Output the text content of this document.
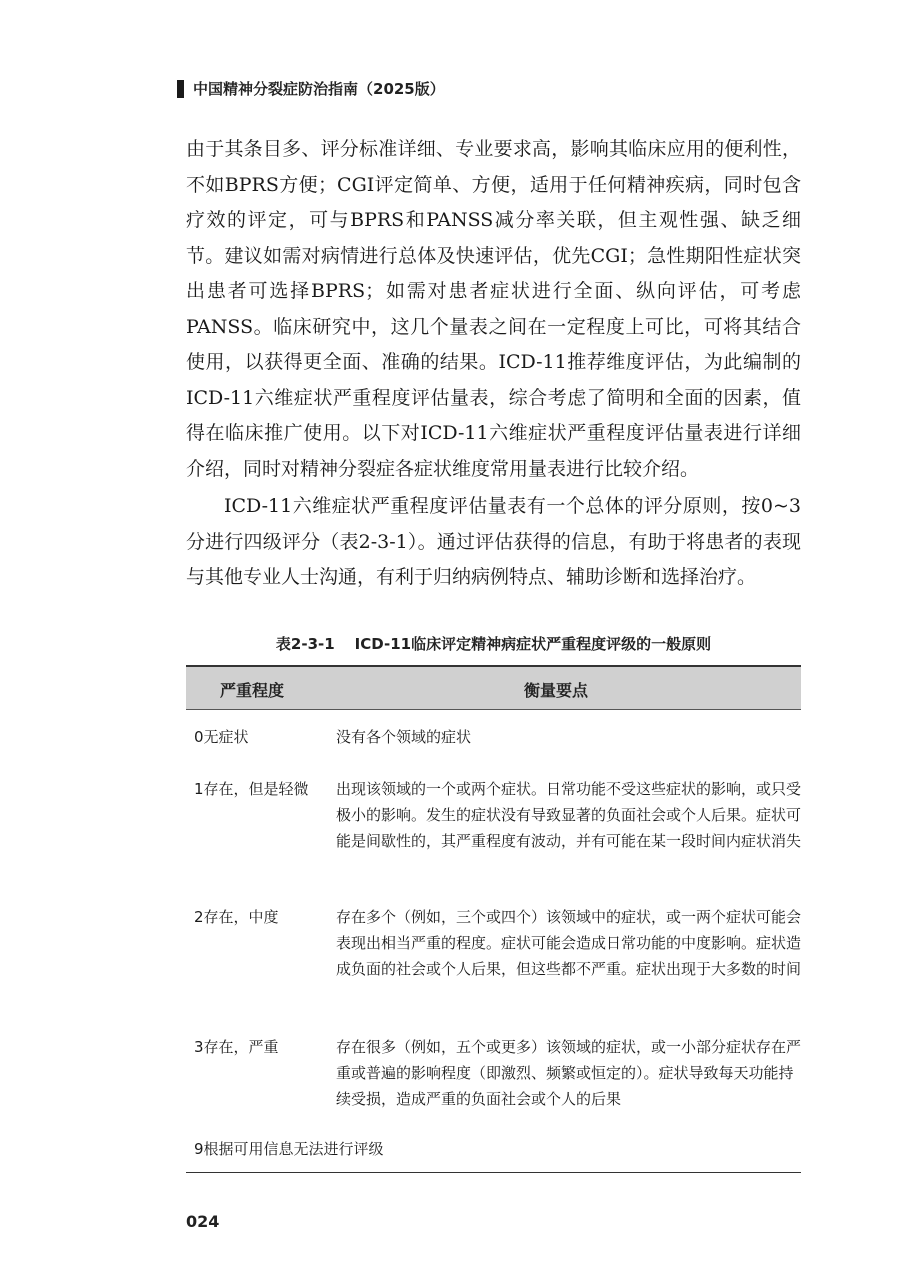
中国精神分裂症防治指南（2025版）

由于其条目多、评分标准详细、专业要求高，影响其临床应用的便利性，不如BPRS方便；CGI评定简单、方便，适用于任何精神疾病，同时包含疗效的评定，可与BPRS和PANSS减分率关联，但主观性强、缺乏细节。建议如需对病情进行总体及快速评估，优先CGI；急性期阳性症状突出患者可选择BPRS；如需对患者症状进行全面、纵向评估，可考虑PANSS。临床研究中，这几个量表之间在一定程度上可比，可将其结合使用，以获得更全面、准确的结果。ICD-11推荐维度评估，为此编制的ICD-11六维症状严重程度评估量表，综合考虑了简明和全面的因素，值得在临床推广使用。以下对ICD-11六维症状严重程度评估量表进行详细介绍，同时对精神分裂症各症状维度常用量表进行比较介绍。

ICD-11六维症状严重程度评估量表有一个总体的评分原则，按0~3分进行四级评分（表2-3-1）。通过评估获得的信息，有助于将患者的表现与其他专业人士沟通，有利于归纳病例特点、辅助诊断和选择治疗。

表2-3-1 ICD-11临床评定精神病症状严重程度评级的一般原则
严重程度	衡量要点
0无症状	没有各个领域的症状
1存在，但是轻微	出现该领域的一个或两个症状。日常功能不受这些症状的影响，或只受极小的影响。发生的症状没有导致显著的负面社会或个人后果。症状可能是间歇性的，其严重程度有波动，并有可能在某一段时间内症状消失
2存在，中度	存在多个（例如，三个或四个）该领域中的症状，或一两个症状可能会表现出相当严重的程度。症状可能会造成日常功能的中度影响。症状造成负面的社会或个人后果，但这些都不严重。症状出现于大多数的时间
3存在，严重	存在很多（例如，五个或更多）该领域的症状，或一小部分症状存在严重或普遍的影响程度（即激烈、频繁或恒定的）。症状导致每天功能持续受损，造成严重的负面社会或个人的后果
9根据可用信息无法进行评级
024
